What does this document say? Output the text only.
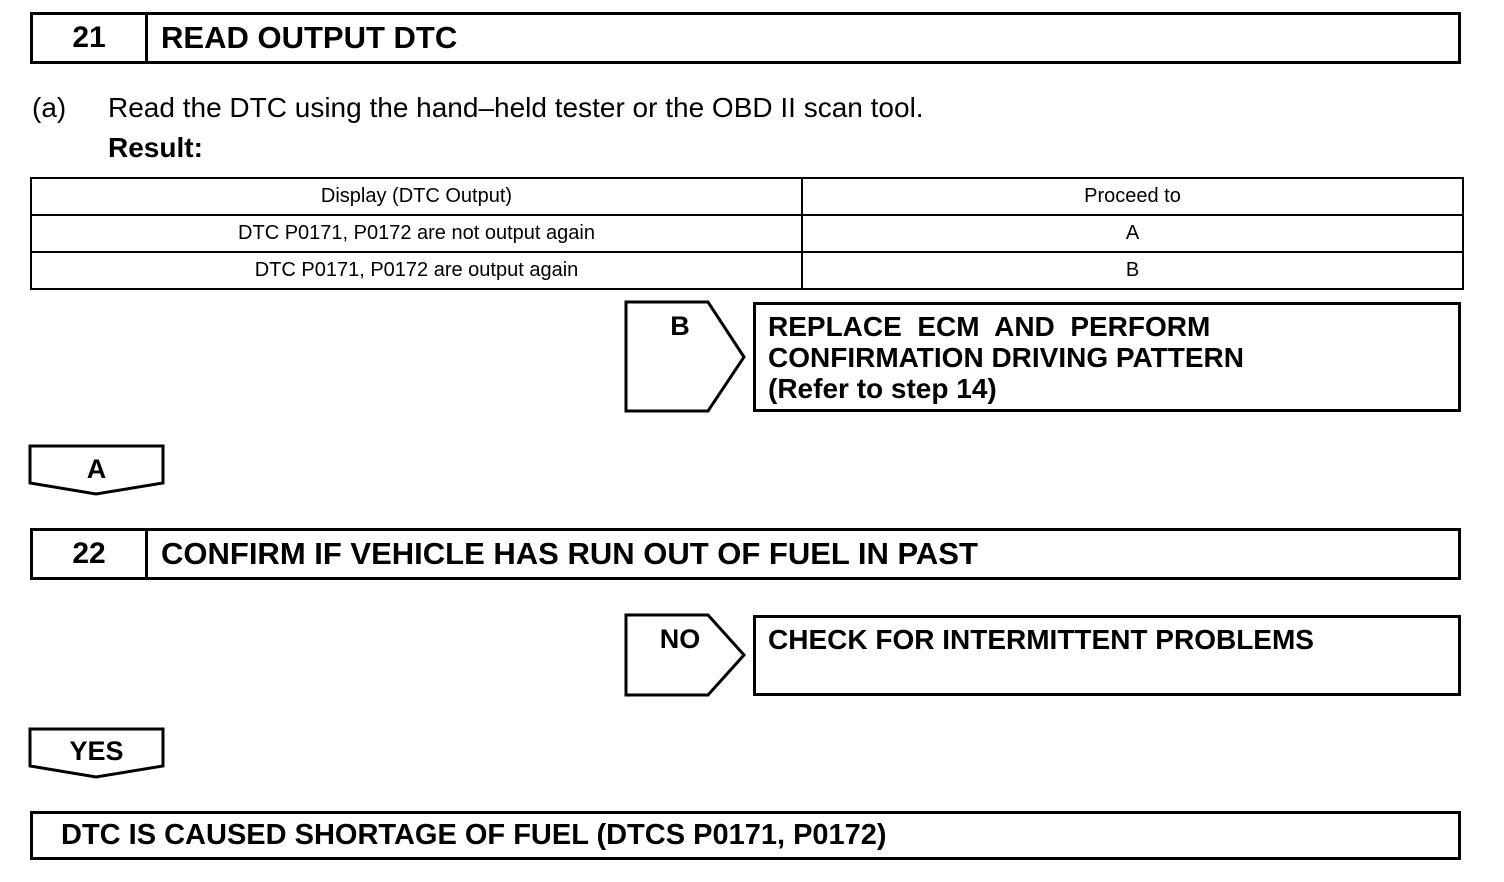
21	READ OUTPUT DTC
(a) Read the DTC using the hand–held tester or the OBD II scan tool.
Result:
Display (DTC Output)	Proceed to
DTC P0171, P0172 are not output again	A
DTC P0171, P0172 are output again	B
B	REPLACE  ECM  AND  PERFORM
CONFIRMATION DRIVING PATTERN
(Refer to step 14)
A
22	CONFIRM IF VEHICLE HAS RUN OUT OF FUEL IN PAST
NO	CHECK FOR INTERMITTENT PROBLEMS
YES
DTC IS CAUSED SHORTAGE OF FUEL (DTCS P0171, P0172)
